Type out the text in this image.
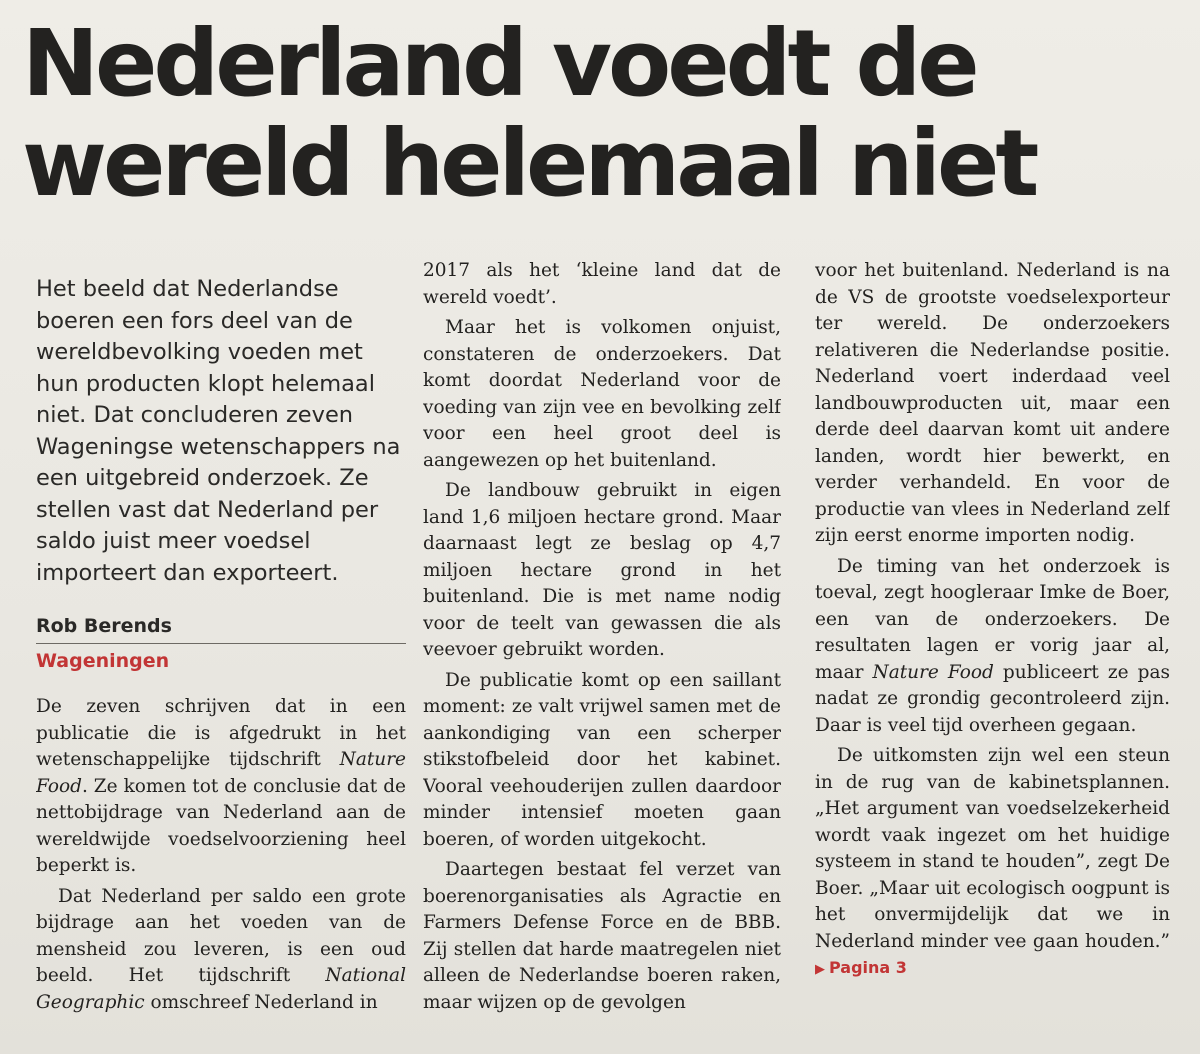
Nederland voedt de
wereld helemaal niet

Het beeld dat Nederlandse boeren een fors deel van de wereldbevolking voeden met hun producten klopt helemaal niet. Dat concluderen zeven Wageningse wetenschappers na een uitgebreid onderzoek. Ze stellen vast dat Nederland per saldo juist meer voedsel importeert dan exporteert.

Rob Berends
Wageningen

De zeven schrijven dat in een publicatie die is afgedrukt in het wetenschappelijke tijdschrift Nature Food. Ze komen tot de conclusie dat de nettobijdrage van Nederland aan de wereldwijde voedselvoorziening heel beperkt is.

Dat Nederland per saldo een grote bijdrage aan het voeden van de mensheid zou leveren, is een oud beeld. Het tijdschrift National Geographic omschreef Nederland in

2017 als het ‘kleine land dat de wereld voedt’.

Maar het is volkomen onjuist, constateren de onderzoekers. Dat komt doordat Nederland voor de voeding van zijn vee en bevolking zelf voor een heel groot deel is aangewezen op het buitenland.

De landbouw gebruikt in eigen land 1,6 miljoen hectare grond. Maar daarnaast legt ze beslag op 4,7 miljoen hectare grond in het buitenland. Die is met name nodig voor de teelt van gewassen die als veevoer gebruikt worden.

De publicatie komt op een saillant moment: ze valt vrijwel samen met de aankondiging van een scherper stikstofbeleid door het kabinet. Vooral veehouderijen zullen daardoor minder intensief moeten gaan boeren, of worden uitgekocht.

Daartegen bestaat fel verzet van boerenorganisaties als Agractie en Farmers Defense Force en de BBB. Zij stellen dat harde maatregelen niet alleen de Nederlandse boeren raken, maar wijzen op de gevolgen

voor het buitenland. Nederland is na de VS de grootste voedselexporteur ter wereld. De onderzoekers relativeren die Nederlandse positie. Nederland voert inderdaad veel landbouwproducten uit, maar een derde deel daarvan komt uit andere landen, wordt hier bewerkt, en verder verhandeld. En voor de productie van vlees in Nederland zelf zijn eerst enorme importen nodig.

De timing van het onderzoek is toeval, zegt hoogleraar Imke de Boer, een van de onderzoekers. De resultaten lagen er vorig jaar al, maar Nature Food publiceert ze pas nadat ze grondig gecontroleerd zijn. Daar is veel tijd overheen gegaan.

De uitkomsten zijn wel een steun in de rug van de kabinetsplannen. „Het argument van voedselzekerheid wordt vaak ingezet om het huidige systeem in stand te houden”, zegt De Boer. „Maar uit ecologisch oogpunt is het onvermijdelijk dat we in Nederland minder vee gaan houden.” ▶ Pagina 3
